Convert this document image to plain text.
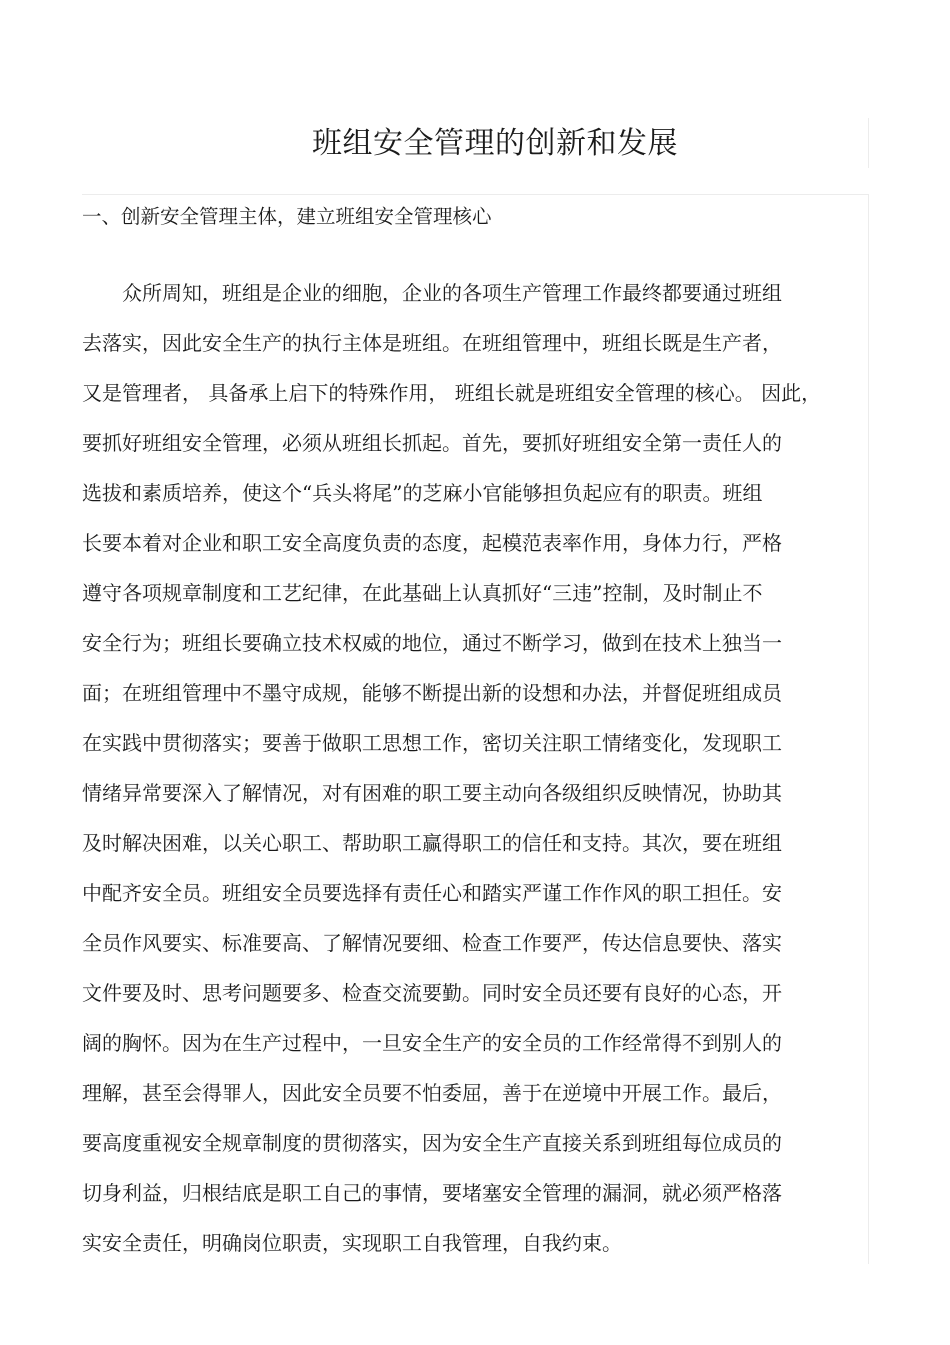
班组安全管理的创新和发展
一、创新安全管理主体，建立班组安全管理核心
　　众所周知，班组是企业的细胞，企业的各项生产管理工作最终都要通过班组
去落实，因此安全生产的执行主体是班组。在班组管理中，班组长既是生产者，
又是管理者， 具备承上启下的特殊作用， 班组长就是班组安全管理的核心。 因此，
要抓好班组安全管理，必须从班组长抓起。首先，要抓好班组安全第一责任人的
选拔和素质培养，使这个“兵头将尾”的芝麻小官能够担负起应有的职责。班组
长要本着对企业和职工安全高度负责的态度，起模范表率作用，身体力行，严格
遵守各项规章制度和工艺纪律，在此基础上认真抓好“三违”控制，及时制止不
安全行为；班组长要确立技术权威的地位，通过不断学习，做到在技术上独当一
面；在班组管理中不墨守成规，能够不断提出新的设想和办法，并督促班组成员
在实践中贯彻落实；要善于做职工思想工作，密切关注职工情绪变化，发现职工
情绪异常要深入了解情况，对有困难的职工要主动向各级组织反映情况，协助其
及时解决困难，以关心职工、帮助职工赢得职工的信任和支持。其次，要在班组
中配齐安全员。班组安全员要选择有责任心和踏实严谨工作作风的职工担任。安
全员作风要实、标准要高、了解情况要细、检查工作要严，传达信息要快、落实
文件要及时、思考问题要多、检查交流要勤。同时安全员还要有良好的心态，开
阔的胸怀。因为在生产过程中，一旦安全生产的安全员的工作经常得不到别人的
理解，甚至会得罪人，因此安全员要不怕委屈，善于在逆境中开展工作。最后，
要高度重视安全规章制度的贯彻落实，因为安全生产直接关系到班组每位成员的
切身利益，归根结底是职工自己的事情，要堵塞安全管理的漏洞，就必须严格落
实安全责任，明确岗位职责，实现职工自我管理，自我约束。
